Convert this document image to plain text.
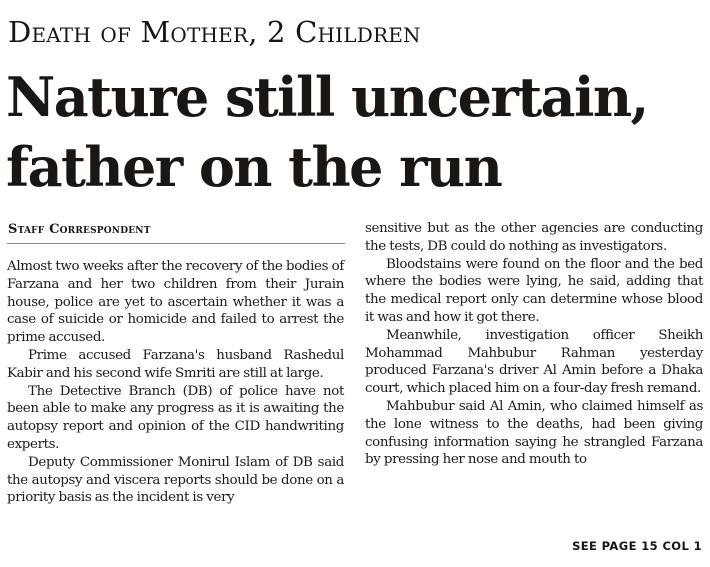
Death of Mother, 2 Children
Nature still uncertain,
father on the run
Staff Correspondent

Almost two weeks after the recovery of the bodies of Farzana and her two children from their Jurain house, police are yet to ascertain whether it was a case of suicide or homicide and failed to arrest the prime accused.

Prime accused Farzana's husband Rashedul Kabir and his second wife Smriti are still at large.

The Detective Branch (DB) of police have not been able to make any progress as it is awaiting the autopsy report and opinion of the CID handwriting experts.

Deputy Commissioner Monirul Islam of DB said the autopsy and viscera reports should be done on a priority basis as the incident is very

sensitive but as the other agencies are conducting the tests, DB could do nothing as investigators.

Bloodstains were found on the floor and the bed where the bodies were lying, he said, adding that the medical report only can determine whose blood it was and how it got there.

Meanwhile, investigation officer Sheikh Mohammad Mahbubur Rahman yesterday produced Farzana's driver Al Amin before a Dhaka court, which placed him on a four-day fresh remand.

Mahbubur said Al Amin, who claimed himself as the lone witness to the deaths, had been giving confusing information saying he strangled Farzana by pressing her nose and mouth to

SEE PAGE 15 COL 1
